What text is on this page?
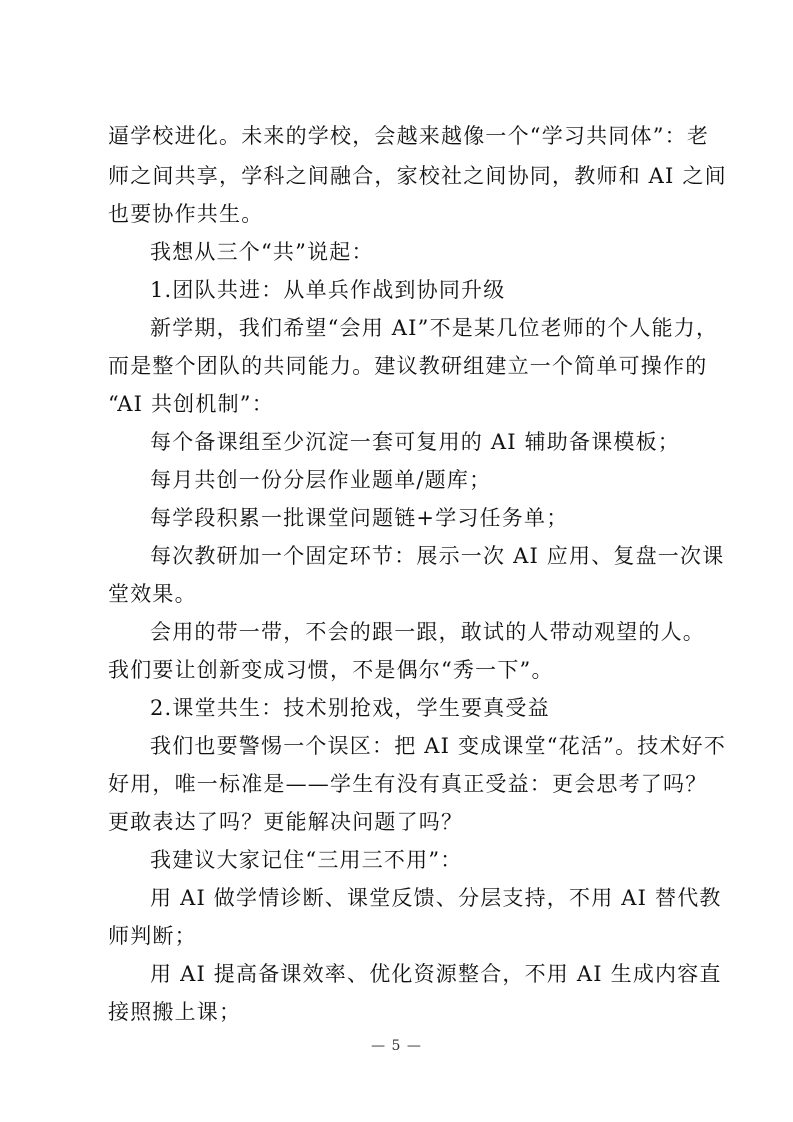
逼学校进化。未来的学校，会越来越像一个“学习共同体”：老
师之间共享，学科之间融合，家校社之间协同，教师和 AI 之间
也要协作共生。
我想从三个“共”说起：
1.团队共进：从单兵作战到协同升级
新学期，我们希望“会用 AI”不是某几位老师的个人能力，
而是整个团队的共同能力。建议教研组建立一个简单可操作的
“AI 共创机制”：
每个备课组至少沉淀一套可复用的 AI 辅助备课模板；
每月共创一份分层作业题单/题库；
每学段积累一批课堂问题链+学习任务单；
每次教研加一个固定环节：展示一次 AI 应用、复盘一次课
堂效果。
会用的带一带，不会的跟一跟，敢试的人带动观望的人。
我们要让创新变成习惯，不是偶尔“秀一下”。
2.课堂共生：技术别抢戏，学生要真受益
我们也要警惕一个误区：把 AI 变成课堂“花活”。技术好不
好用，唯一标准是——学生有没有真正受益：更会思考了吗？
更敢表达了吗？更能解决问题了吗？
我建议大家记住“三用三不用”：
用 AI 做学情诊断、课堂反馈、分层支持，不用 AI 替代教
师判断；
用 AI 提高备课效率、优化资源整合，不用 AI 生成内容直
接照搬上课；
— 5 —
